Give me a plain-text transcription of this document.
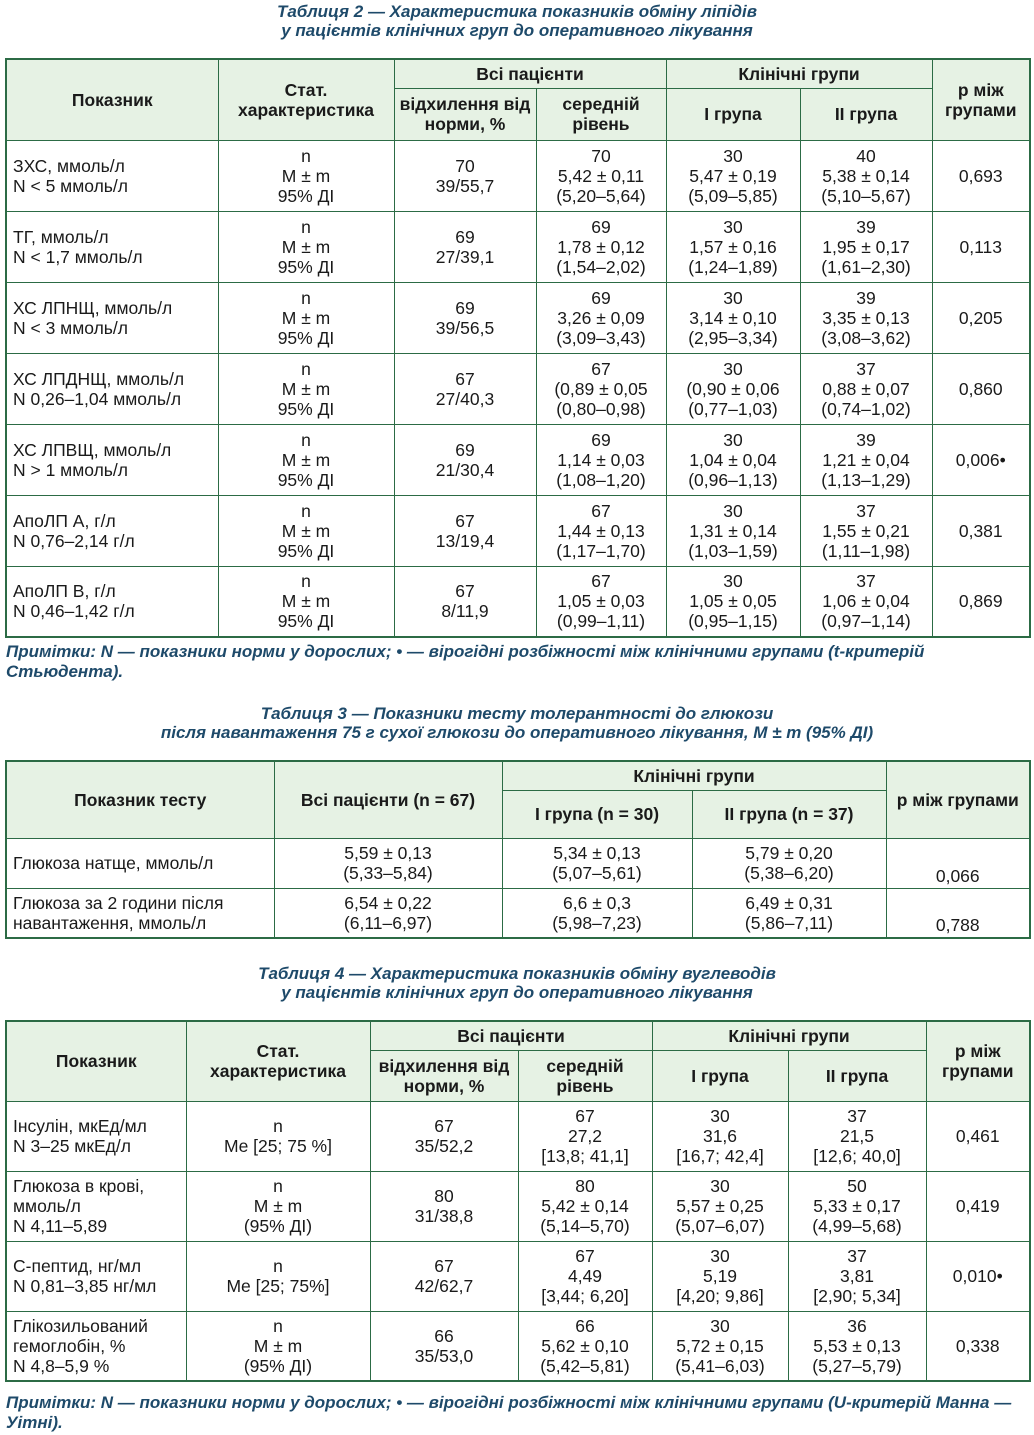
Таблиця 2 — Характеристика показників обміну ліпідів
у пацієнтів клінічних груп до оперативного лікування
Показник	Стат. характеристика	Всі пацієнти		Клінічні групи		р між групами
		відхилення від норми, %	середній рівень	І група	ІІ група	

ЗХС, ммоль/л
N < 5 ммоль/л	n
M ± m
95% ДІ	70
39/55,7	70
5,42 ± 0,11
(5,20–5,64)	30
5,47 ± 0,19
(5,09–5,85)	40
5,38 ± 0,14
(5,10–5,67)	0,693

ТГ, ммоль/л
N < 1,7 ммоль/л	n
M ± m
95% ДІ	69
27/39,1	69
1,78 ± 0,12
(1,54–2,02)	30
1,57 ± 0,16
(1,24–1,89)	39
1,95 ± 0,17
(1,61–2,30)	0,113

ХС ЛПНЩ, ммоль/л
N < 3 ммоль/л	n
M ± m
95% ДІ	69
39/56,5	69
3,26 ± 0,09
(3,09–3,43)	30
3,14 ± 0,10
(2,95–3,34)	39
3,35 ± 0,13
(3,08–3,62)	0,205

ХС ЛПДНЩ, ммоль/л
N 0,26–1,04 ммоль/л	n
M ± m
95% ДІ	67
27/40,3	67
(0,89 ± 0,05
(0,80–0,98)	30
(0,90 ± 0,06
(0,77–1,03)	37
0,88 ± 0,07
(0,74–1,02)	0,860

ХС ЛПВЩ, ммоль/л
N > 1 ммоль/л	n
M ± m
95% ДІ	69
21/30,4	69
1,14 ± 0,03
(1,08–1,20)	30
1,04 ± 0,04
(0,96–1,13)	39
1,21 ± 0,04
(1,13–1,29)	0,006•

АпоЛП А, г/л
N 0,76–2,14 г/л	n
M ± m
95% ДІ	67
13/19,4	67
1,44 ± 0,13
(1,17–1,70)	30
1,31 ± 0,14
(1,03–1,59)	37
1,55 ± 0,21
(1,11–1,98)	0,381

АпоЛП В, г/л
N 0,46–1,42 г/л	n
M ± m
95% ДІ	67
8/11,9	67
1,05 ± 0,03
(0,99–1,11)	30
1,05 ± 0,05
(0,95–1,15)	37
1,06 ± 0,04
(0,97–1,14)	0,869
Примітки: N — показники норми у дорослих; • — вірогідні розбіжності між клінічними групами (t-критерій Стьюдента).
Таблиця 3 — Показники тесту толерантності до глюкози
після навантаження 75 г сухої глюкози до оперативного лікування, M ± m (95% ДІ)
Показник тесту	Всі пацієнти (n = 67)	Клінічні групи		р між групами
		І група (n = 30)	ІІ група (n = 37)	

Глюкоза натще, ммоль/л	5,59 ± 0,13
(5,33–5,84)	5,34 ± 0,13
(5,07–5,61)	5,79 ± 0,20
(5,38–6,20)	0,066

Глюкоза за 2 години після
навантаження, ммоль/л	6,54 ± 0,22
(6,11–6,97)	6,6 ± 0,3
(5,98–7,23)	6,49 ± 0,31
(5,86–7,11)	0,788
Таблиця 4 — Характеристика показників обміну вуглеводів
у пацієнтів клінічних груп до оперативного лікування
Показник	Стат. характеристика	Всі пацієнти		Клінічні групи		р між групами
		відхилення від норми, %	середній рівень	І група	ІІ група	

Інсулін, мкЕд/мл
N 3–25 мкЕд/л	n
Me [25; 75 %]	67
35/52,2	67
27,2
[13,8; 41,1]	30
31,6
[16,7; 42,4]	37
21,5
[12,6; 40,0]	0,461

Глюкоза в крові,
ммоль/л
N 4,11–5,89	n
M ± m
(95% ДІ)	80
31/38,8	80
5,42 ± 0,14
(5,14–5,70)	30
5,57 ± 0,25
(5,07–6,07)	50
5,33 ± 0,17
(4,99–5,68)	0,419

С-пептид, нг/мл
N 0,81–3,85 нг/мл	n
Me [25; 75%]	67
42/62,7	67
4,49
[3,44; 6,20]	30
5,19
[4,20; 9,86]	37
3,81
[2,90; 5,34]	0,010•

Глікозильований
гемоглобін, %
N 4,8–5,9 %	n
M ± m
(95% ДІ)	66
35/53,0	66
5,62 ± 0,10
(5,42–5,81)	30
5,72 ± 0,15
(5,41–6,03)	36
5,53 ± 0,13
(5,27–5,79)	0,338
Примітки: N — показники норми у дорослих; • — вірогідні розбіжності між клінічними групами (U-критерій Манна — Уітні).
